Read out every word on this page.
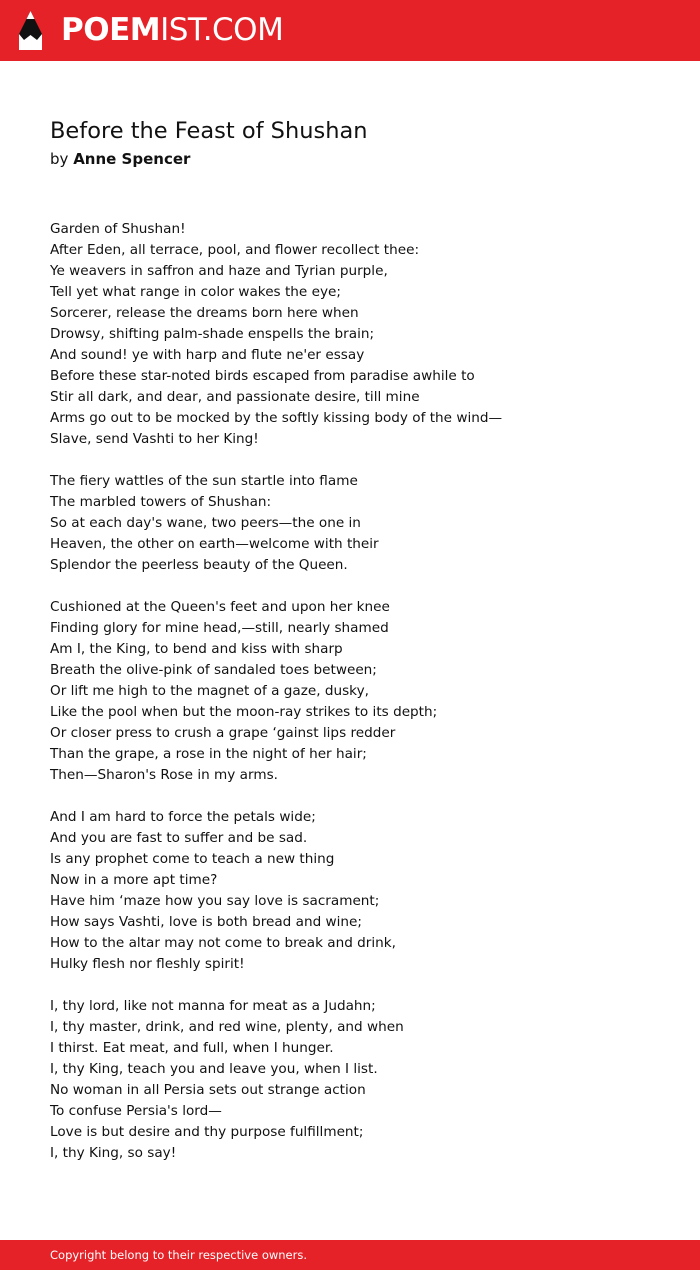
POEMIST.COM
Before the Feast of Shushan
by Anne Spencer
Garden of Shushan!
After Eden, all terrace, pool, and flower recollect thee:
Ye weavers in saffron and haze and Tyrian purple,
Tell yet what range in color wakes the eye;
Sorcerer, release the dreams born here when
Drowsy, shifting palm-shade enspells the brain;
And sound! ye with harp and flute ne'er essay
Before these star-noted birds escaped from paradise awhile to
Stir all dark, and dear, and passionate desire, till mine
Arms go out to be mocked by the softly kissing body of the wind—
Slave, send Vashti to her King!
The fiery wattles of the sun startle into flame
The marbled towers of Shushan:
So at each day's wane, two peers—the one in
Heaven, the other on earth—welcome with their
Splendor the peerless beauty of the Queen.
Cushioned at the Queen's feet and upon her knee
Finding glory for mine head,—still, nearly shamed
Am I, the King, to bend and kiss with sharp
Breath the olive-pink of sandaled toes between;
Or lift me high to the magnet of a gaze, dusky,
Like the pool when but the moon-ray strikes to its depth;
Or closer press to crush a grape ‘gainst lips redder
Than the grape, a rose in the night of her hair;
Then—Sharon's Rose in my arms.
And I am hard to force the petals wide;
And you are fast to suffer and be sad.
Is any prophet come to teach a new thing
Now in a more apt time?
Have him ‘maze how you say love is sacrament;
How says Vashti, love is both bread and wine;
How to the altar may not come to break and drink,
Hulky flesh nor fleshly spirit!
I, thy lord, like not manna for meat as a Judahn;
I, thy master, drink, and red wine, plenty, and when
I thirst. Eat meat, and full, when I hunger.
I, thy King, teach you and leave you, when I list.
No woman in all Persia sets out strange action
To confuse Persia's lord—
Love is but desire and thy purpose fulfillment;
I, thy King, so say!
Copyright belong to their respective owners.
